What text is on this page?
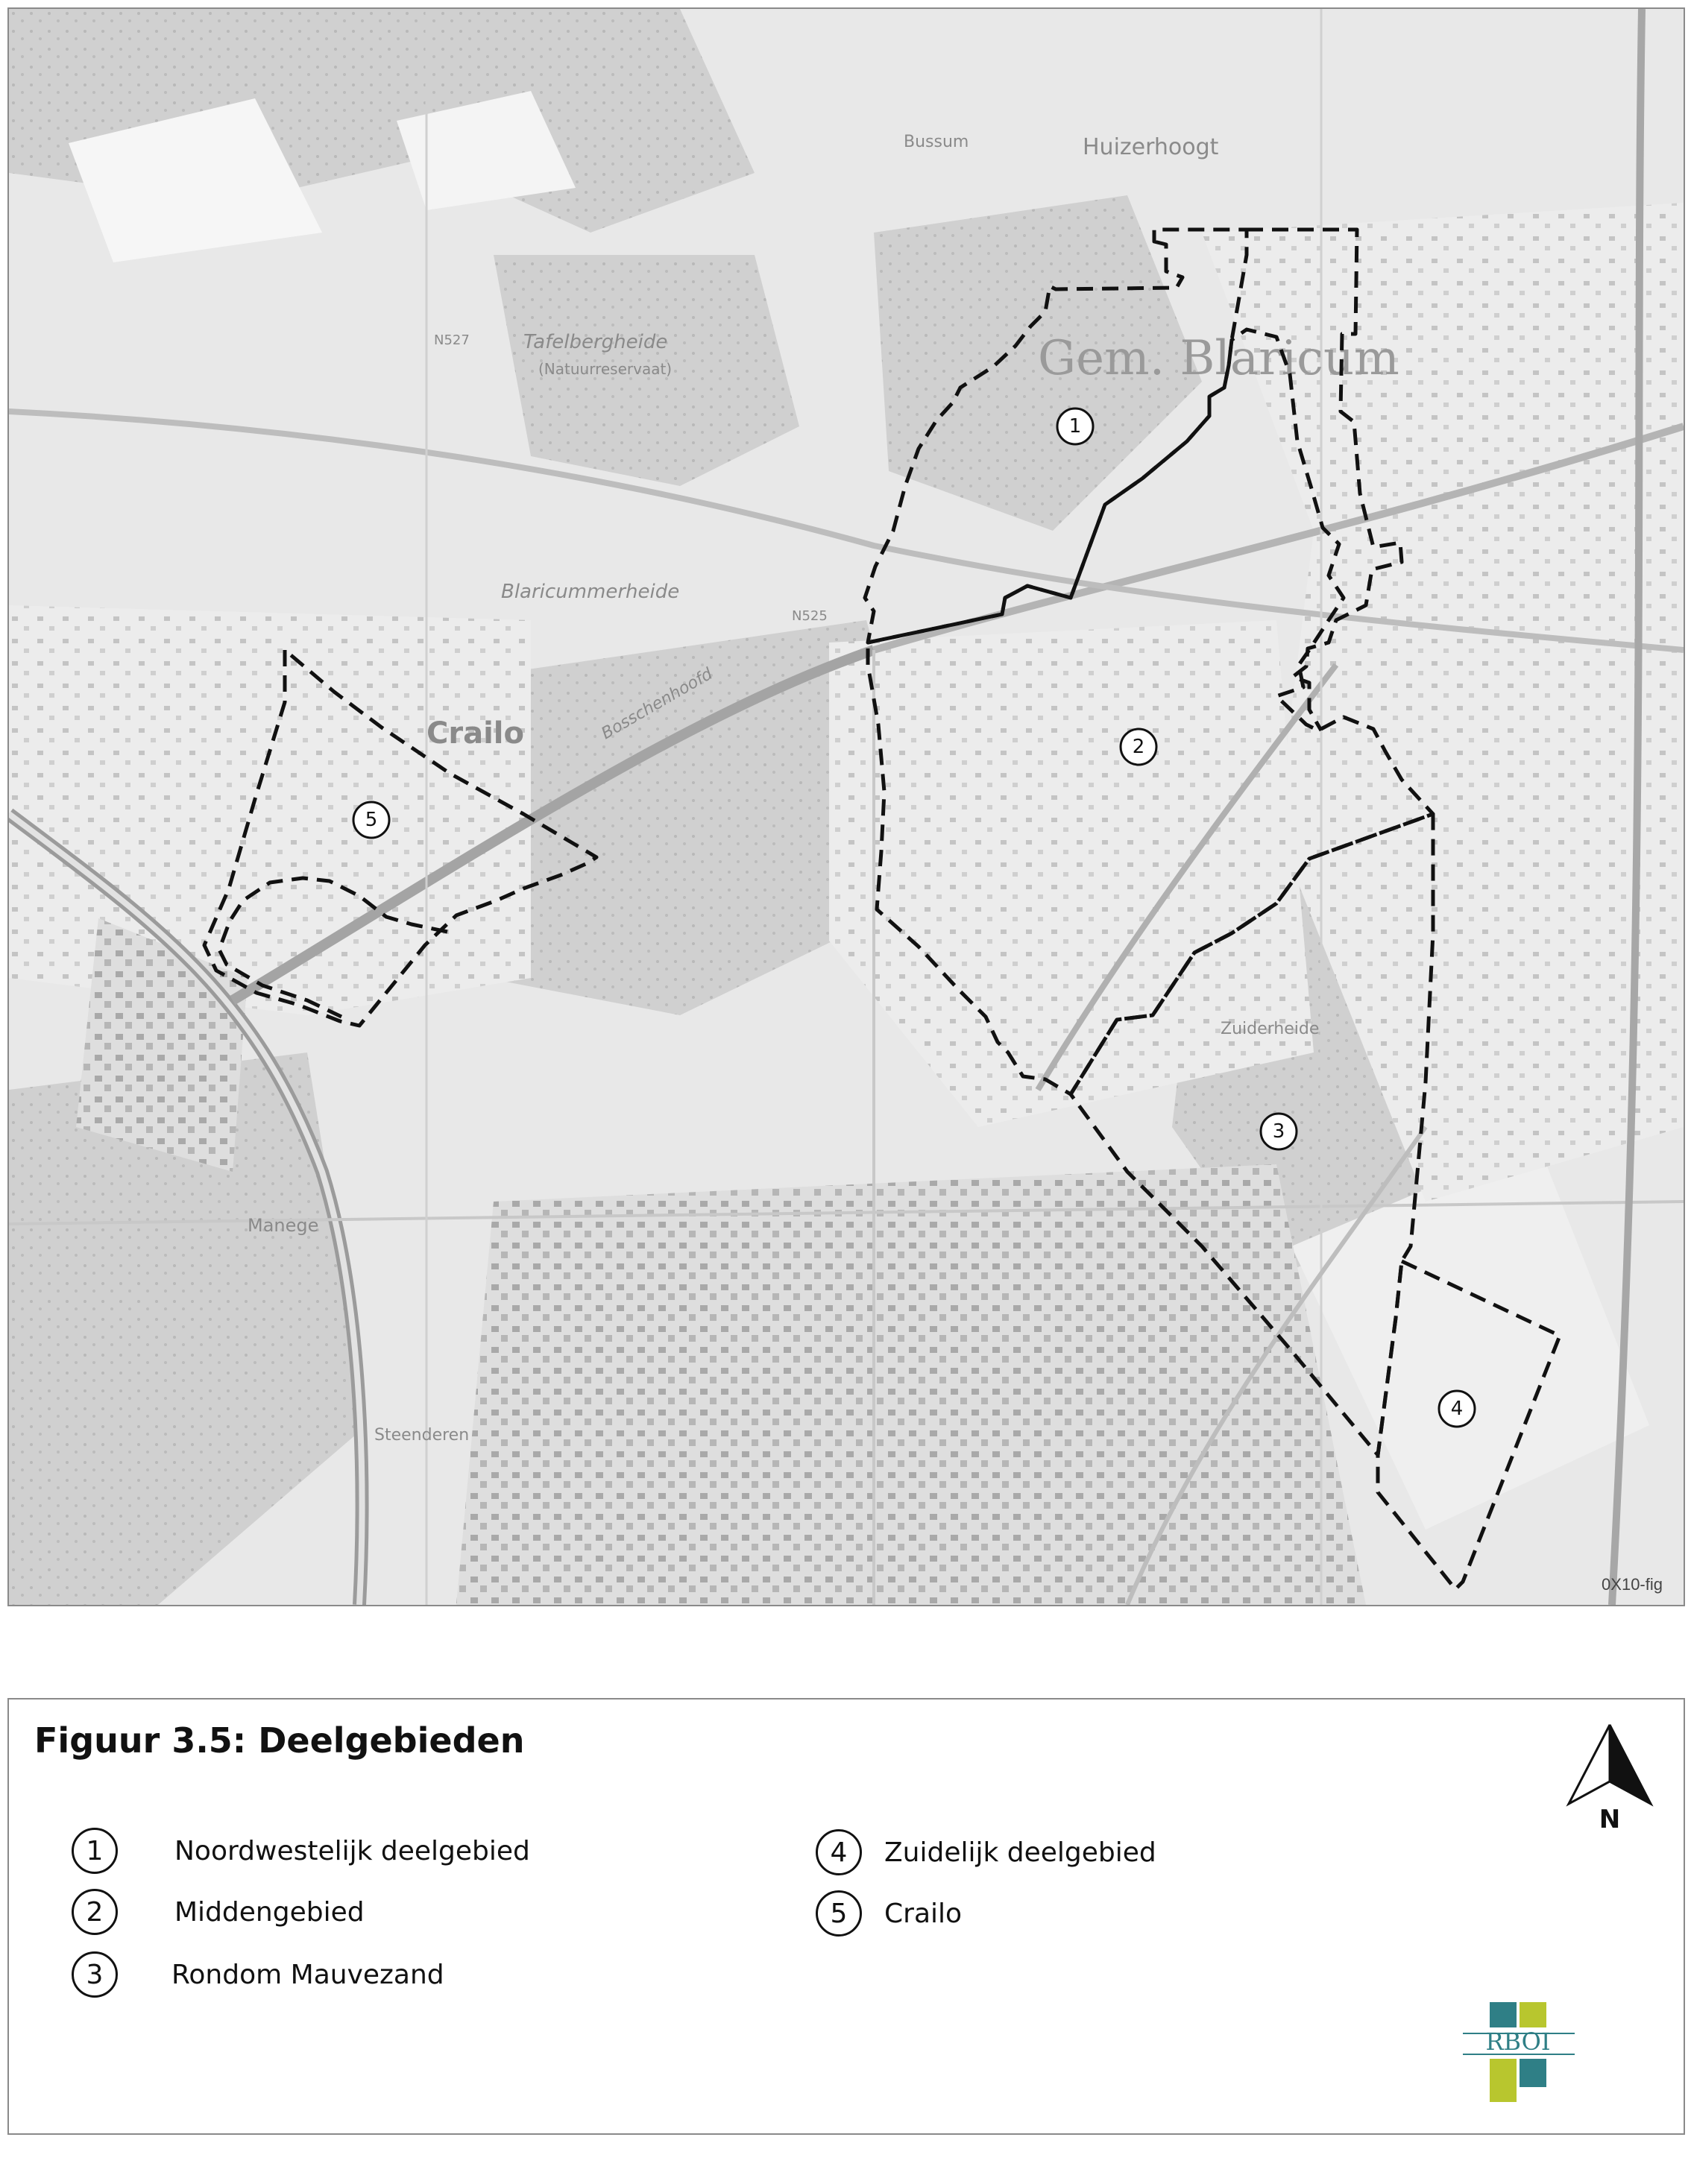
Huizerhoogt
Crailo
Tafelbergheide
(Natuurreservaat)
Blaricummerheide
Gem. Blaricum
Bussum
Manege
Steenderen
Zuiderheide
Bosschenhoofd
N527
N525
1
2
3
4
5
0X10-fig
Figuur 3.5: Deelgebieden
1	Noordwestelijk deelgebied
2	Middengebied
3	Rondom Mauvezand
4	Zuidelijk deelgebied
5	Crailo
N
RBOI
